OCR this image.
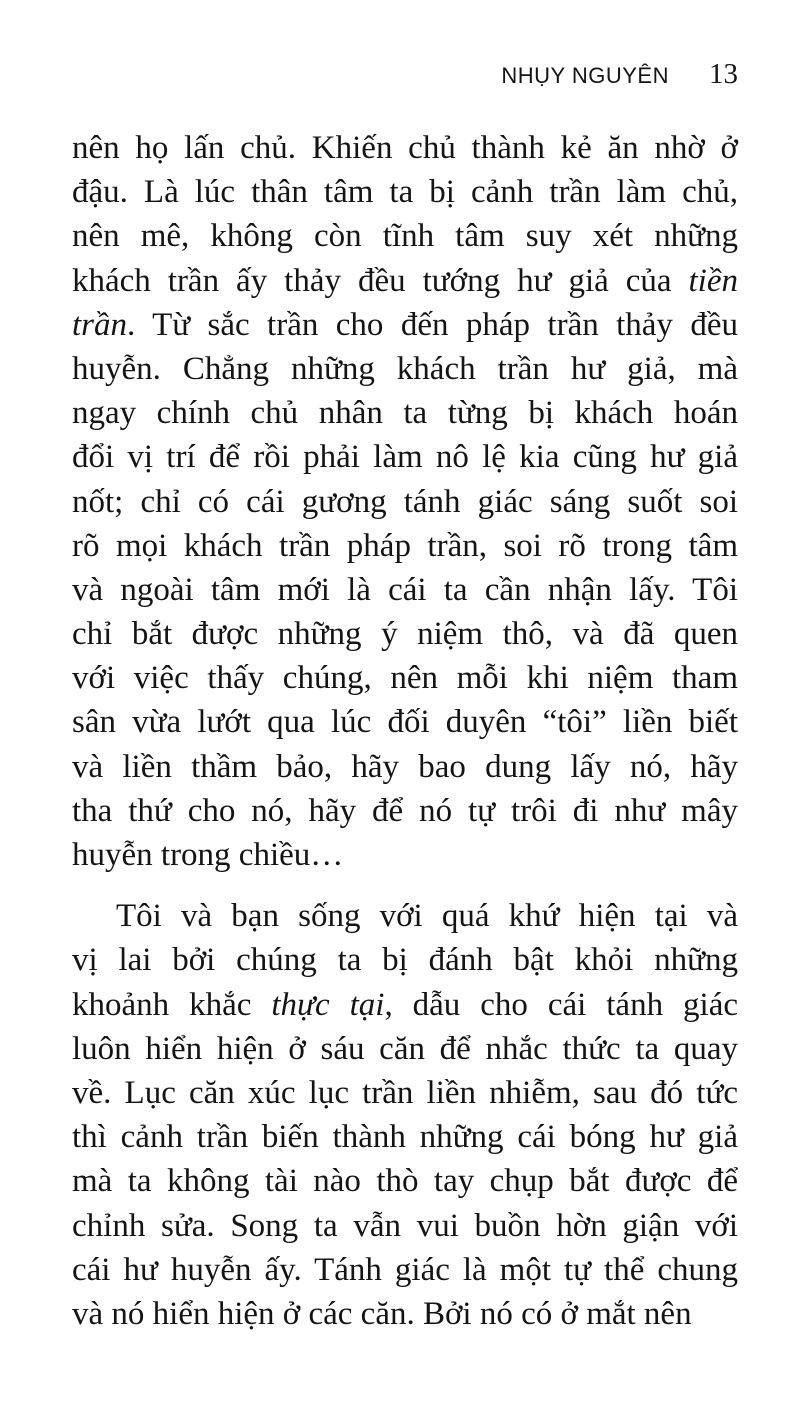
NHỤY NGUYÊN 13
nên họ lấn chủ. Khiến chủ thành kẻ ăn nhờ ở
đậu. Là lúc thân tâm ta bị cảnh trần làm chủ,
nên mê, không còn tĩnh tâm suy xét những
khách trần ấy thảy đều tướng hư giả của tiền
trần. Từ sắc trần cho đến pháp trần thảy đều
huyễn. Chẳng những khách trần hư giả, mà
ngay chính chủ nhân ta từng bị khách hoán
đổi vị trí để rồi phải làm nô lệ kia cũng hư giả
nốt; chỉ có cái gương tánh giác sáng suốt soi
rõ mọi khách trần pháp trần, soi rõ trong tâm
và ngoài tâm mới là cái ta cần nhận lấy. Tôi
chỉ bắt được những ý niệm thô, và đã quen
với việc thấy chúng, nên mỗi khi niệm tham
sân vừa lướt qua lúc đối duyên “tôi” liền biết
và liền thầm bảo, hãy bao dung lấy nó, hãy
tha thứ cho nó, hãy để nó tự trôi đi như mây
huyễn trong chiều…
Tôi và bạn sống với quá khứ hiện tại và
vị lai bởi chúng ta bị đánh bật khỏi những
khoảnh khắc thực tại, dẫu cho cái tánh giác
luôn hiển hiện ở sáu căn để nhắc thức ta quay
về. Lục căn xúc lục trần liền nhiễm, sau đó tức
thì cảnh trần biến thành những cái bóng hư giả
mà ta không tài nào thò tay chụp bắt được để
chỉnh sửa. Song ta vẫn vui buồn hờn giận với
cái hư huyễn ấy. Tánh giác là một tự thể chung
và nó hiển hiện ở các căn. Bởi nó có ở mắt nên
